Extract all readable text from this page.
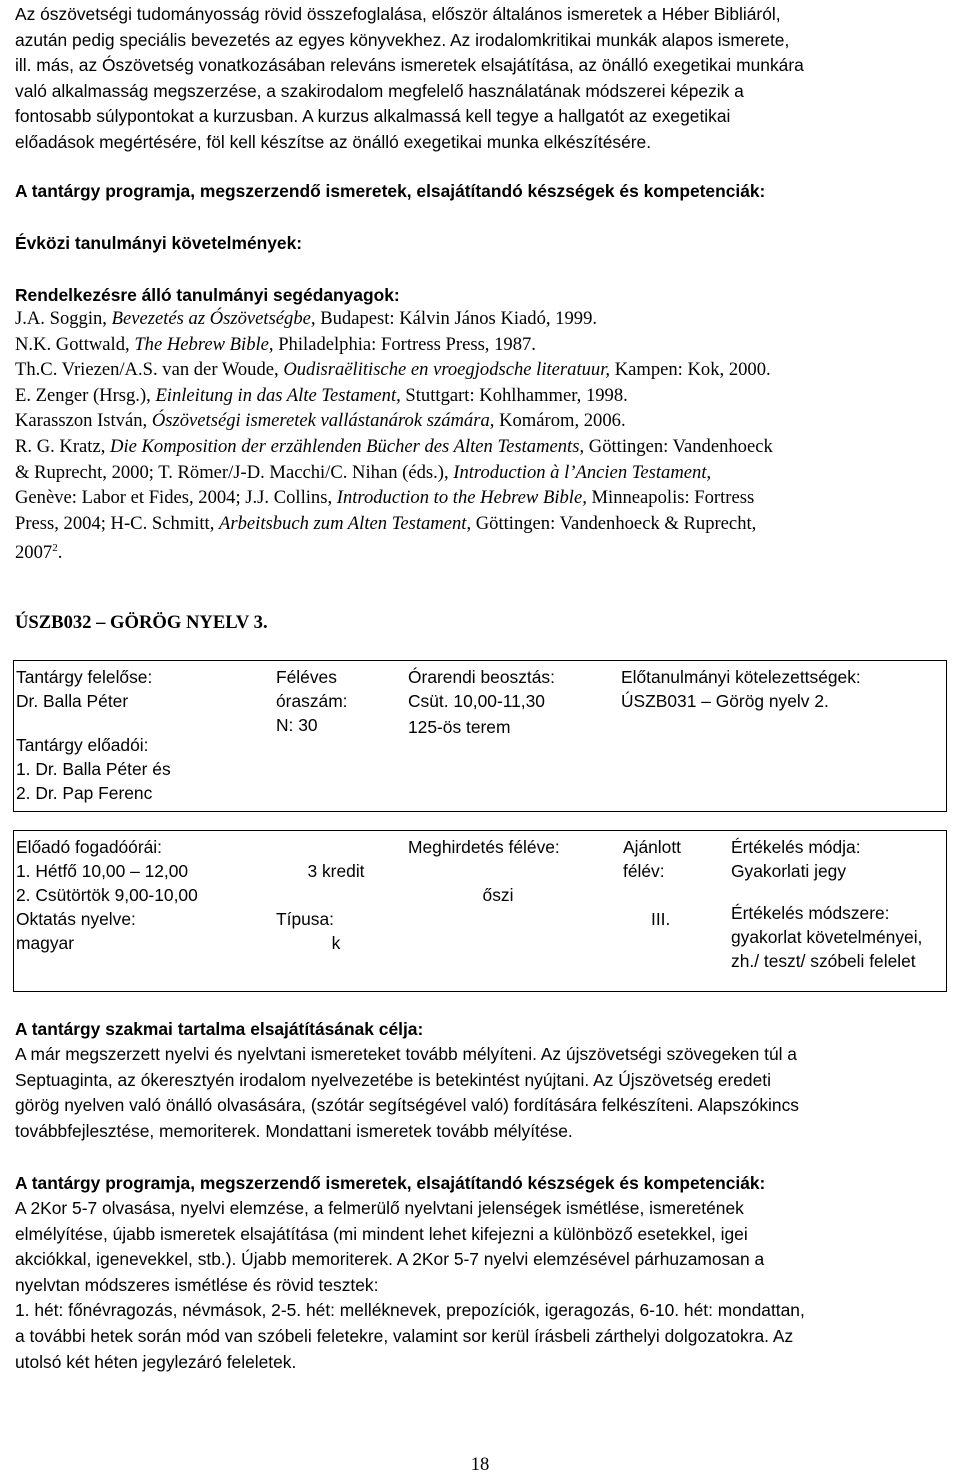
Az ószövetségi tudományosság rövid összefoglalása, először általános ismeretek a Héber Bibliáról,
azután pedig speciális bevezetés az egyes könyvekhez. Az irodalomkritikai munkák alapos ismerete,
ill. más, az Ószövetség vonatkozásában releváns ismeretek elsajátítása, az önálló exegetikai munkára
való alkalmasság megszerzése, a szakirodalom megfelelő használatának módszerei képezik a
fontosabb súlypontokat a kurzusban. A kurzus alkalmassá kell tegye a hallgatót az exegetikai
előadások megértésére, föl kell készítse az önálló exegetikai munka elkészítésére.
A tantárgy programja, megszerzendő ismeretek, elsajátítandó készségek és kompetenciák:
Évközi tanulmányi követelmények:
Rendelkezésre álló tanulmányi segédanyagok:
J.A. Soggin, Bevezetés az Ószövetségbe, Budapest: Kálvin János Kiadó, 1999.
N.K. Gottwald, The Hebrew Bible, Philadelphia: Fortress Press, 1987.
Th.C. Vriezen/A.S. van der Woude, Oudisraëlitische en vroegjodsche literatuur, Kampen: Kok, 2000.
E. Zenger (Hrsg.), Einleitung in das Alte Testament, Stuttgart: Kohlhammer, 1998.
Karasszon István, Ószövetségi ismeretek vallástanárok számára, Komárom, 2006.
R. G. Kratz, Die Komposition der erzählenden Bücher des Alten Testaments, Göttingen: Vandenhoeck
& Ruprecht, 2000; T. Römer/J-D. Macchi/C. Nihan (éds.), Introduction à l’Ancien Testament,
Genève: Labor et Fides, 2004; J.J. Collins, Introduction to the Hebrew Bible, Minneapolis: Fortress
Press, 2004; H-C. Schmitt, Arbeitsbuch zum Alten Testament, Göttingen: Vandenhoeck & Ruprecht,
2007$^2$.
ÚSZB032 – GÖRÖG NYELV 3.
Tantárgy felelőse:
Dr. Balla Péter
Tantárgy előadói:
1. Dr. Balla Péter és
2. Dr. Pap Ferenc
Féléves
óraszám:
N: 30
Órarendi beosztás:
Csüt. 10,00-11,30
125-ös terem
Előtanulmányi kötelezettségek:
ÚSZB031 – Görög nyelv 2.
Előadó fogadóórái:
1. Hétfő 10,00 – 12,00
2. Csütörtök 9,00-10,00
Oktatás nyelve:
magyar
3 kredit
Típusa:
k
Meghirdetés féléve:
őszi
Ajánlott
félév:
III.
Értékelés módja:
Gyakorlati jegy
Értékelés módszere:
gyakorlat követelményei,
zh./ teszt/ szóbeli felelet
A tantárgy szakmai tartalma elsajátításának célja:
A már megszerzett nyelvi és nyelvtani ismereteket tovább mélyíteni. Az újszövetségi szövegeken túl a
Septuaginta, az ókeresztyén irodalom nyelvezetébe is betekintést nyújtani. Az Újszövetség eredeti
görög nyelven való önálló olvasására, (szótár segítségével való) fordítására felkészíteni. Alapszókincs
továbbfejlesztése, memoriterek. Mondattani ismeretek tovább mélyítése.
A tantárgy programja, megszerzendő ismeretek, elsajátítandó készségek és kompetenciák:
A 2Kor 5-7 olvasása, nyelvi elemzése, a felmerülő nyelvtani jelenségek ismétlése, ismeretének
elmélyítése, újabb ismeretek elsajátítása (mi mindent lehet kifejezni a különböző esetekkel, igei
akciókkal, igenevekkel, stb.). Újabb memoriterek. A 2Kor 5-7 nyelvi elemzésével párhuzamosan a
nyelvtan módszeres ismétlése és rövid tesztek:
1. hét: főnévragozás, névmások, 2-5. hét: melléknevek, prepozíciók, igeragozás, 6-10. hét: mondattan,
a további hetek során mód van szóbeli feletekre, valamint sor kerül írásbeli zárthelyi dolgozatokra. Az
utolsó két héten jegylezáró feleletek.
18
